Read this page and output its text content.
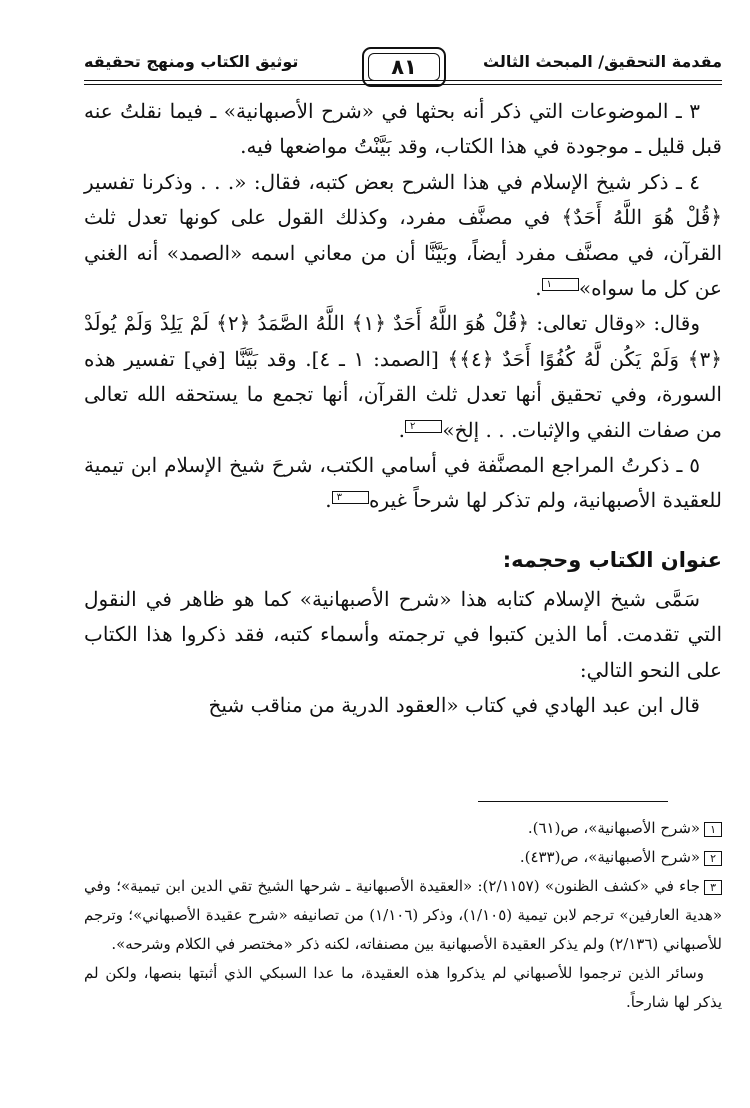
مقدمة التحقيق/ المبحث الثالث
٨١
توثيق الكتاب ومنهج تحقيقه

٣ ـ الموضوعات التي ذكر أنه بحثها في «شرح الأصبهانية» ـ فيما نقلتُ عنه قبل قليل ـ موجودة في هذا الكتاب، وقد بَيَّنْتُ مواضعها فيه.

٤ ـ ذكر شيخ الإسلام في هذا الشرح بعض كتبه، فقال: «. . . وذكرنا تفسير ﴿قُلْ هُوَ اللَّهُ أَحَدٌ﴾ في مصنَّف مفرد، وكذلك القول على كونها تعدل ثلث القرآن، في مصنَّف مفرد أيضاً، وبَيَّنَّا أن من معاني اسمه «الصمد» أنه الغني عن كل ما سواه»١.

وقال: «وقال تعالى: ﴿قُلْ هُوَ اللَّهُ أَحَدٌ ﴿١﴾ اللَّهُ الصَّمَدُ ﴿٢﴾ لَمْ يَلِدْ وَلَمْ يُولَدْ ﴿٣﴾ وَلَمْ يَكُن لَّهُ كُفُوًا أَحَدٌ ﴿٤﴾﴾ [الصمد: ١ ـ ٤]. وقد بَيَّنَّا [في] تفسير هذه السورة، وفي تحقيق أنها تعدل ثلث القرآن، أنها تجمع ما يستحقه الله تعالى من صفات النفي والإثبات. . . إلخ»٢.

٥ ـ ذكرتُ المراجع المصنَّفة في أسامي الكتب، شرحَ شيخ الإسلام ابن تيمية للعقيدة الأصبهانية، ولم تذكر لها شرحاً غيره٣.

عنوان الكتاب وحجمه:

سَمَّى شيخ الإسلام كتابه هذا «شرح الأصبهانية» كما هو ظاهر في النقول التي تقدمت. أما الذين كتبوا في ترجمته وأسماء كتبه، فقد ذكروا هذا الكتاب على النحو التالي:

قال ابن عبد الهادي في كتاب «العقود الدرية من مناقب شيخ

١«شرح الأصبهانية»، ص(٦١).

٢«شرح الأصبهانية»، ص(٤٣٣).

٣جاء في «كشف الظنون» (٢/١١٥٧): «العقيدة الأصبهانية ـ شرحها الشيخ تقي الدين ابن تيمية»؛ وفي «هدية العارفين» ترجم لابن تيمية (١/١٠٥)، وذكر (١/١٠٦) من تصانيفه «شرح عقيدة الأصبهاني»؛ وترجم للأصبهاني (٢/١٣٦) ولم يذكر العقيدة الأصبهانية بين مصنفاته، لكنه ذكر «مختصر في الكلام وشرحه».

وسائر الذين ترجموا للأصبهاني لم يذكروا هذه العقيدة، ما عدا السبكي الذي أثبتها بنصها، ولكن لم يذكر لها شارحاً.
